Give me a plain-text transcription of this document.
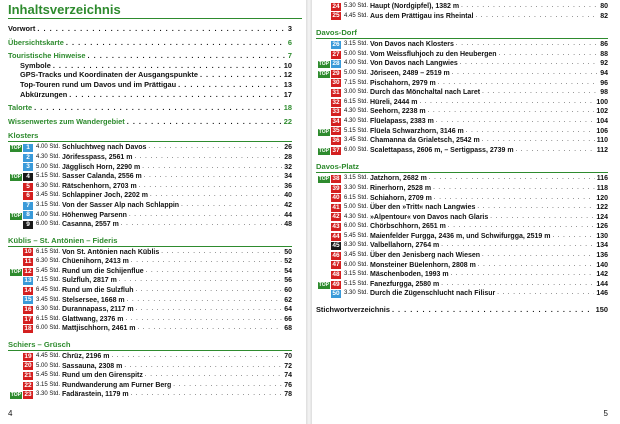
Inhaltsverzeichnis
Vorwort . . .	3
Übersichtskarte . . .	6
Touristische Hinweise . . .	7
Symbole . . .	10
GPS-Tracks und Koordinaten der Ausgangspunkte . . .	12
Top-Touren rund um Davos und im Prättigau . . .	13
Abkürzungen . . .	17
Talorte . . .	18
Wissenwertes zum Wandergebiet . . .	22
Klosters
TOP 1	4.00 Std. Schluchtweg nach Davos . . .	26
2	4.30 Std. Jörifesspass, 2561 m . . .	28
3	5.00 Std. Jägglisch Horn, 2290 m . . .	32
TOP 4	5.15 Std. Sasser Calanda, 2556 m . . .	34
5	6.30 Std. Rätschenhorn, 2703 m . . .	36
6	3.45 Std. Schlappiner Joch, 2202 m . . .	40
7	3.15 Std. Von der Sasser Alp nach Schlappin . . .	42
TOP 8	4.00 Std. Höhenweg Parsenn . . .	44
9	6.00 Std. Casanna, 2557 m . . .	48
Küblis – St. Antönien – Fideris
10 6.15 Std. Von St. Antönien nach Küblis . . .	50
11 6.30 Std. Chüenihorn, 2413 m . . .	52
TOP 12 5.45 Std. Rund um die Schijenfluе . . .	54
13 7.15 Std. Sulzfluh, 2817 m . . .	56
14 6.45 Std. Rund um die Sulzfluh . . .	60
15 3.45 Std. Stelserseе, 1668 m . . .	62
16 6.30 Std. Durannapass, 2117 m . . .	64
17 6.15 Std. Glattwang, 2376 m . . .	66
18 6.00 Std. Mattjischhorn, 2461 m . . .	68
Schiers – Grüsch
19 4.45 Std. Chrüz, 2196 m . . .	70
20 5.00 Std. Sassauna, 2308 m . . .	72
21 5.45 Std. Rund um den Girenspitz . . .	74
22 3.15 Std. Rundwanderung am Furner Berg . . .	76
TOP 23 3.30 Std. Fadärastein, 1179 m . . .	78
4
24 5.30 Std. Haupt (Nordgipfel), 1382 m . . .	80
25 4.45 Std. Aus dem Prättigau ins Rheintal . . .	82
Davos-Dorf
26 3.15 Std. Von Davos nach Klosters . . .	86
27 5.00 Std. Vom Weissfluhjoch zu den Heubergen . . .	88
TOP 28 4.00 Std. Von Davos nach Langwies . . .	92
TOP 29 5.00 Std. Jöriseen, 2489 – 2519 m . . .	94
30 7.15 Std. Pischahorn, 2979 m . . .	96
31 3.00 Std. Durch das Mönchaltal nach Laret . . .	98
32 6.15 Std. Hüreli, 2444 m . . .	100
33 4.30 Std. Seehorn, 2238 m . . .	102
34 4.30 Std. Flüelapass, 2383 m . . .	104
TOP 35 5.15 Std. Flüela Schwarzhorn, 3146 m . . .	106
36 3.45 Std. Chamanna da Grialetsch, 2542 m . . .	110
TOP 37 6.00 Std. Scalettapass, 2606 m, – Sertigpass, 2739 m . . .	112
Davos-Platz
TOP 38 3.15 Std. Jatzhorn, 2682 m . . .	116
39 3.30 Std. Rinerhorn, 2528 m . . .	118
40 6.15 Std. Schiahorn, 2709 m . . .	120
41 5.00 Std. Über den »Tritt« nach Langwies . . .	122
42 4.30 Std. »Alpentour« von Davos nach Glaris . . .	124
43 6.00 Std. Chörbschhorn, 2651 m . . .	126
44 5.45 Std. Maienfelder Furgga, 2436 m, und Schwifurgga, 2519 m . . .	130
45 8.30 Std. Valbellahorn, 2764 m . . .	134
46 3.45 Std. Über den Jenisberg nach Wiesen . . .	136
47 6.00 Std. Monsteiner Büelenhorn, 2808 m . . .	140
48 3.15 Std. Mäschenboden, 1993 m . . .	142
TOP 49 5.15 Std. Fanezfurgga, 2580 m . . .	144
50 3.30 Std. Durch die Zügenschlucht nach Filisur . . .	146
Stichwortverzeichnis . . .	150
5
